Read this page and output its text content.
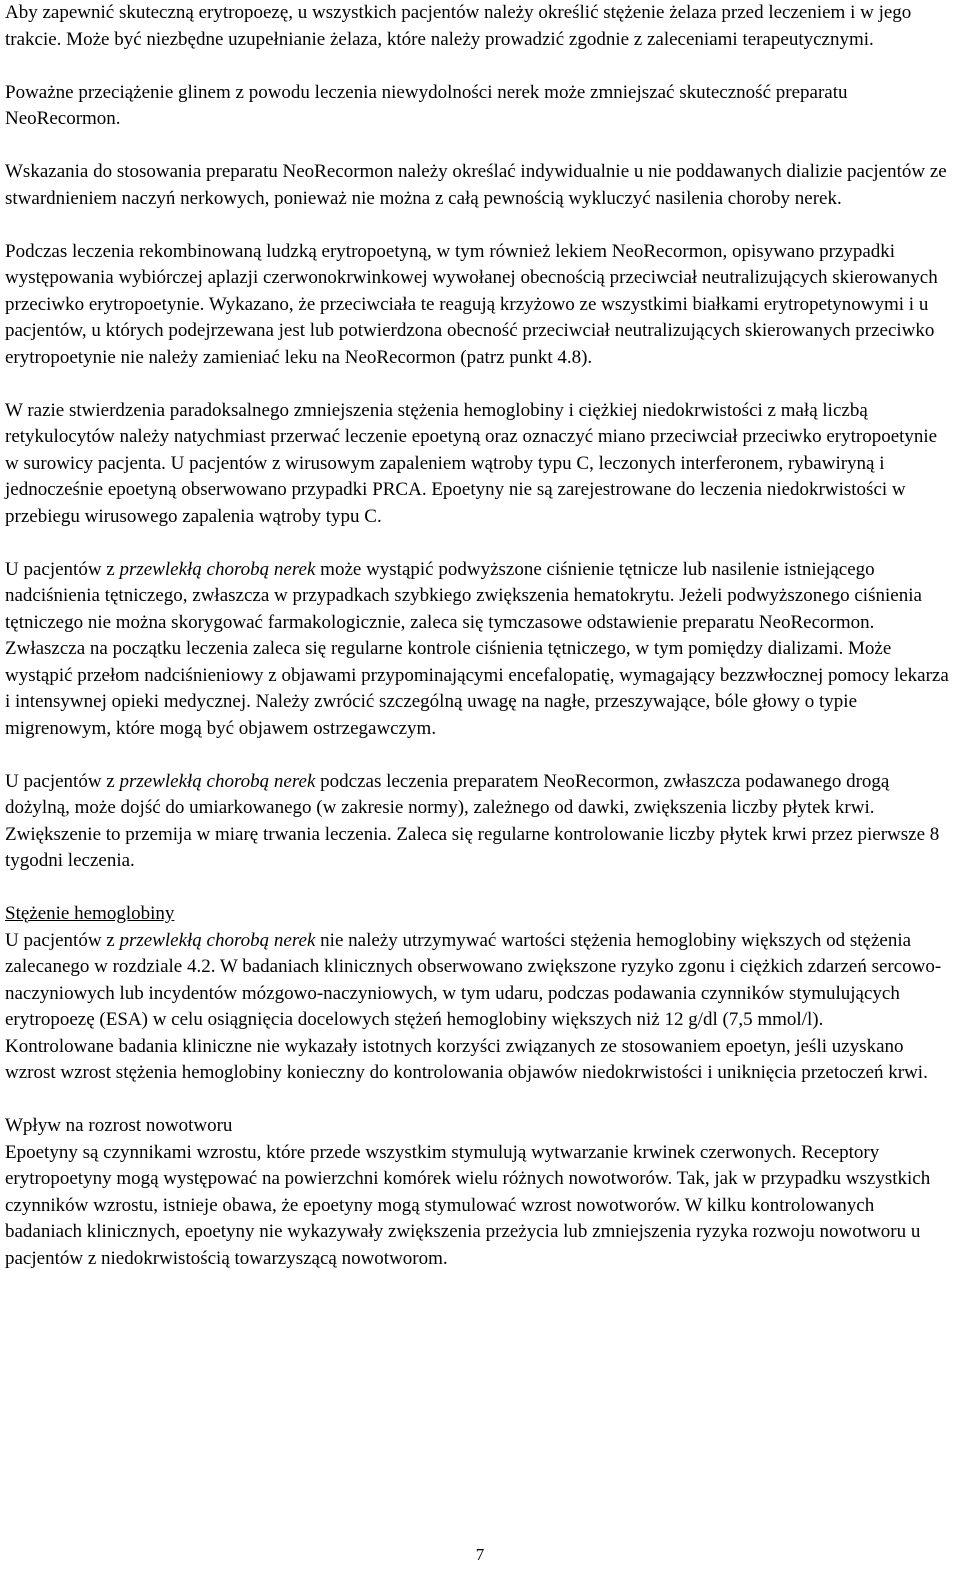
Aby zapewnić skuteczną erytropoezę, u wszystkich pacjentów należy określić stężenie żelaza przed leczeniem i w jego trakcie. Może być niezbędne uzupełnianie żelaza, które należy prowadzić zgodnie z zaleceniami terapeutycznymi.

Poważne przeciążenie glinem z powodu leczenia niewydolności nerek może zmniejszać skuteczność preparatu NeoRecormon.

Wskazania do stosowania preparatu NeoRecormon należy określać indywidualnie u nie poddawanych dializie pacjentów ze stwardnieniem naczyń nerkowych, ponieważ nie można z całą pewnością wykluczyć nasilenia choroby nerek.

Podczas leczenia rekombinowaną ludzką erytropoetyną, w tym również lekiem NeoRecormon, opisywano przypadki występowania wybiórczej aplazji czerwonokrwinkowej wywołanej obecnością przeciwciał neutralizujących skierowanych przeciwko erytropoetynie. Wykazano, że przeciwciała te reagują krzyżowo ze wszystkimi białkami erytropetynowymi i u pacjentów, u których podejrzewana jest lub potwierdzona obecność przeciwciał neutralizujących skierowanych przeciwko erytropoetynie nie należy zamieniać leku na NeoRecormon (patrz punkt 4.8).

W razie stwierdzenia paradoksalnego zmniejszenia stężenia hemoglobiny i ciężkiej niedokrwistości z małą liczbą retykulocytów należy natychmiast przerwać leczenie epoetyną oraz oznaczyć miano przeciwciał przeciwko erytropoetynie w surowicy pacjenta. U pacjentów z wirusowym zapaleniem wątroby typu C, leczonych interferonem, rybawiryną i jednocześnie epoetyną obserwowano przypadki PRCA. Epoetyny nie są zarejestrowane do leczenia niedokrwistości w przebiegu wirusowego zapalenia wątroby typu C.

U pacjentów z przewlekłą chorobą nerek może wystąpić podwyższone ciśnienie tętnicze lub nasilenie istniejącego nadciśnienia tętniczego, zwłaszcza w przypadkach szybkiego zwiększenia hematokrytu. Jeżeli podwyższonego ciśnienia tętniczego nie można skorygować farmakologicznie, zaleca się tymczasowe odstawienie preparatu NeoRecormon. Zwłaszcza na początku leczenia zaleca się regularne kontrole ciśnienia tętniczego, w tym pomiędzy dializami. Może wystąpić przełom nadciśnieniowy z objawami przypominającymi encefalopatię, wymagający bezzwłocznej pomocy lekarza i intensywnej opieki medycznej. Należy zwrócić szczególną uwagę na nagłe, przeszywające, bóle głowy o typie migrenowym, które mogą być objawem ostrzegawczym.

U pacjentów z przewlekłą chorobą nerek podczas leczenia preparatem NeoRecormon, zwłaszcza podawanego drogą dożylną, może dojść do umiarkowanego (w zakresie normy), zależnego od dawki, zwiększenia liczby płytek krwi. Zwiększenie to przemija w miarę trwania leczenia. Zaleca się regularne kontrolowanie liczby płytek krwi przez pierwsze 8 tygodni leczenia.

Stężenie hemoglobiny
U pacjentów z przewlekłą chorobą nerek nie należy utrzymywać wartości stężenia hemoglobiny większych od stężenia zalecanego w rozdziale 4.2. W badaniach klinicznych obserwowano zwiększone ryzyko zgonu i ciężkich zdarzeń sercowo-naczyniowych lub incydentów mózgowo-naczyniowych, w tym udaru, podczas podawania czynników stymulujących erytropoezę (ESA) w celu osiągnięcia docelowych stężeń hemoglobiny większych niż 12 g/dl (7,5 mmol/l).
Kontrolowane badania kliniczne nie wykazały istotnych korzyści związanych ze stosowaniem epoetyn, jeśli uzyskano wzrost wzrost stężenia hemoglobiny konieczny do kontrolowania objawów niedokrwistości i uniknięcia przetoczeń krwi.
Wpływ na rozrost nowotworu
Epoetyny są czynnikami wzrostu, które przede wszystkim stymulują wytwarzanie krwinek czerwonych. Receptory erytropoetyny mogą występować na powierzchni komórek wielu różnych nowotworów. Tak, jak w przypadku wszystkich czynników wzrostu, istnieje obawa, że epoetyny mogą stymulować wzrost nowotworów. W kilku kontrolowanych badaniach klinicznych, epoetyny nie wykazywały zwiększenia przeżycia lub zmniejszenia ryzyka rozwoju nowotworu u pacjentów z niedokrwistością towarzyszącą nowotworom.
7
